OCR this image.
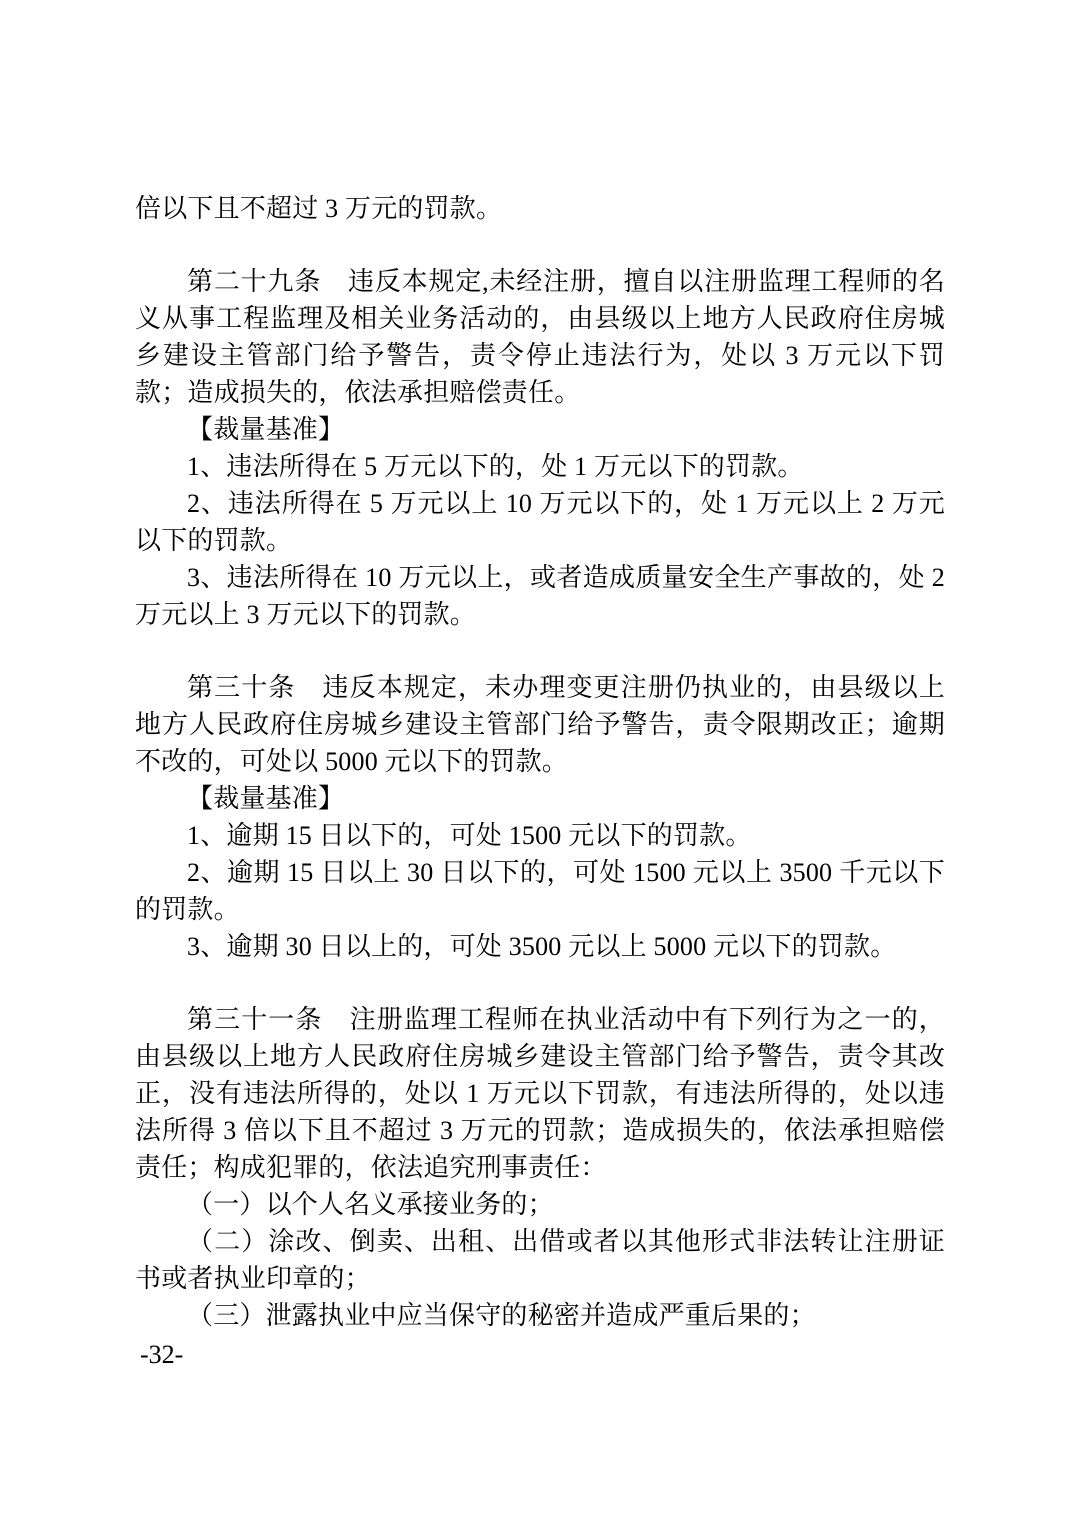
倍以下且不超过 3 万元的罚款。

第二十九条　违反本规定,未经注册，擅自以注册监理工程师的名义从事工程监理及相关业务活动的，由县级以上地方人民政府住房城乡建设主管部门给予警告，责令停止违法行为，处以 3 万元以下罚款；造成损失的，依法承担赔偿责任。

【裁量基准】

1、违法所得在 5 万元以下的，处 1 万元以下的罚款。

2、违法所得在 5 万元以上 10 万元以下的，处 1 万元以上 2 万元以下的罚款。

3、违法所得在 10 万元以上，或者造成质量安全生产事故的，处 2 万元以上 3 万元以下的罚款。

第三十条　违反本规定，未办理变更注册仍执业的，由县级以上地方人民政府住房城乡建设主管部门给予警告，责令限期改正；逾期不改的，可处以 5000 元以下的罚款。

【裁量基准】

1、逾期 15 日以下的，可处 1500 元以下的罚款。

2、逾期 15 日以上 30 日以下的，可处 1500 元以上 3500 千元以下的罚款。

3、逾期 30 日以上的，可处 3500 元以上 5000 元以下的罚款。

第三十一条　注册监理工程师在执业活动中有下列行为之一的，由县级以上地方人民政府住房城乡建设主管部门给予警告，责令其改正，没有违法所得的，处以 1 万元以下罚款，有违法所得的，处以违法所得 3 倍以下且不超过 3 万元的罚款；造成损失的，依法承担赔偿责任；构成犯罪的，依法追究刑事责任：

（一）以个人名义承接业务的；

（二）涂改、倒卖、出租、出借或者以其他形式非法转让注册证书或者执业印章的；

（三）泄露执业中应当保守的秘密并造成严重后果的；

-32-
